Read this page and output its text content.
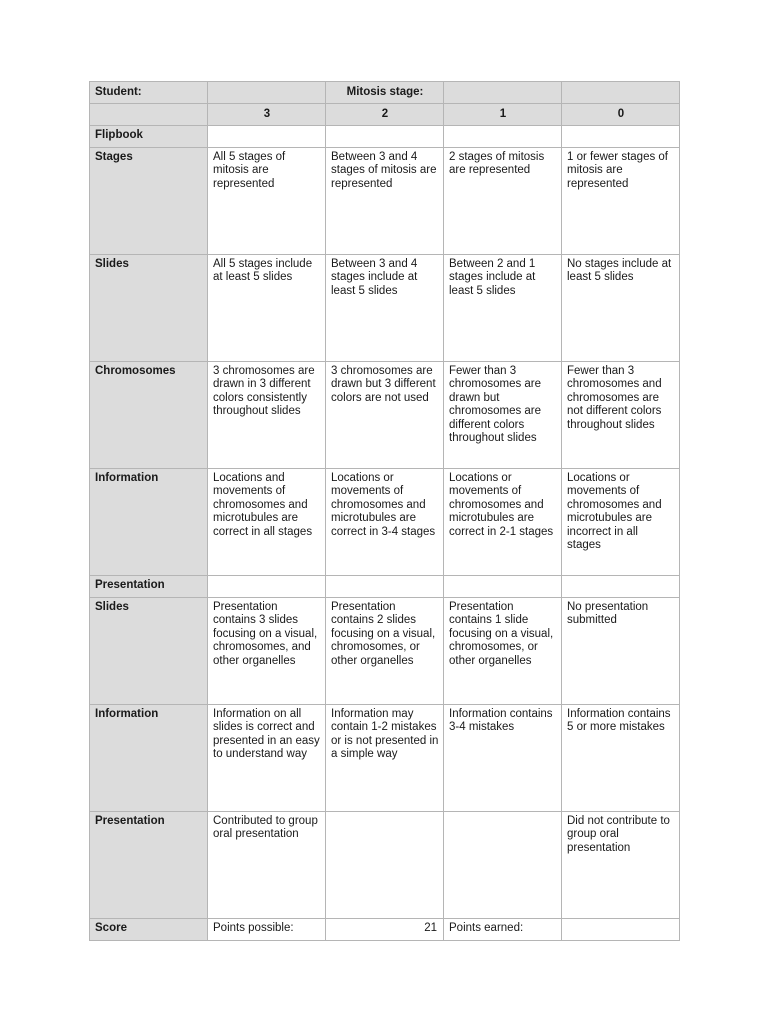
Student:		Mitosis stage:		
	3	2	1	0
Flipbook				
Stages	All 5 stages of mitosis are represented	Between 3 and 4 stages of mitosis are represented	2 stages of mitosis are represented	1 or fewer stages of mitosis are represented
Slides	All 5 stages include at least 5 slides	Between 3 and 4 stages include at least 5 slides	Between 2 and 1 stages include at least 5 slides	No stages include at least 5 slides
Chromosomes	3 chromosomes are drawn in 3 different colors consistently throughout slides	3 chromosomes are drawn but 3 different colors are not used	Fewer than 3 chromosomes are drawn but chromosomes are different colors throughout slides	Fewer than 3 chromosomes and chromosomes are not different colors throughout slides
Information	Locations and movements of chromosomes and microtubules are correct in all stages	Locations or movements of chromosomes and microtubules are correct in 3-4 stages	Locations or movements of chromosomes and microtubules are correct in 2-1 stages	Locations or movements of chromosomes and microtubules are incorrect in all stages
Presentation				
Slides	Presentation contains 3 slides focusing on a visual, chromosomes, and other organelles	Presentation contains 2 slides focusing on a visual, chromosomes, or other organelles	Presentation contains 1 slide focusing on a visual, chromosomes, or other organelles	No presentation submitted
Information	Information on all slides is correct and presented in an easy to understand way	Information may contain 1-2 mistakes or is not presented in a simple way	Information contains 3-4 mistakes	Information contains 5 or more mistakes
Presentation	Contributed to group oral presentation			Did not contribute to group oral presentation
Score	Points possible:	21	Points earned:	
